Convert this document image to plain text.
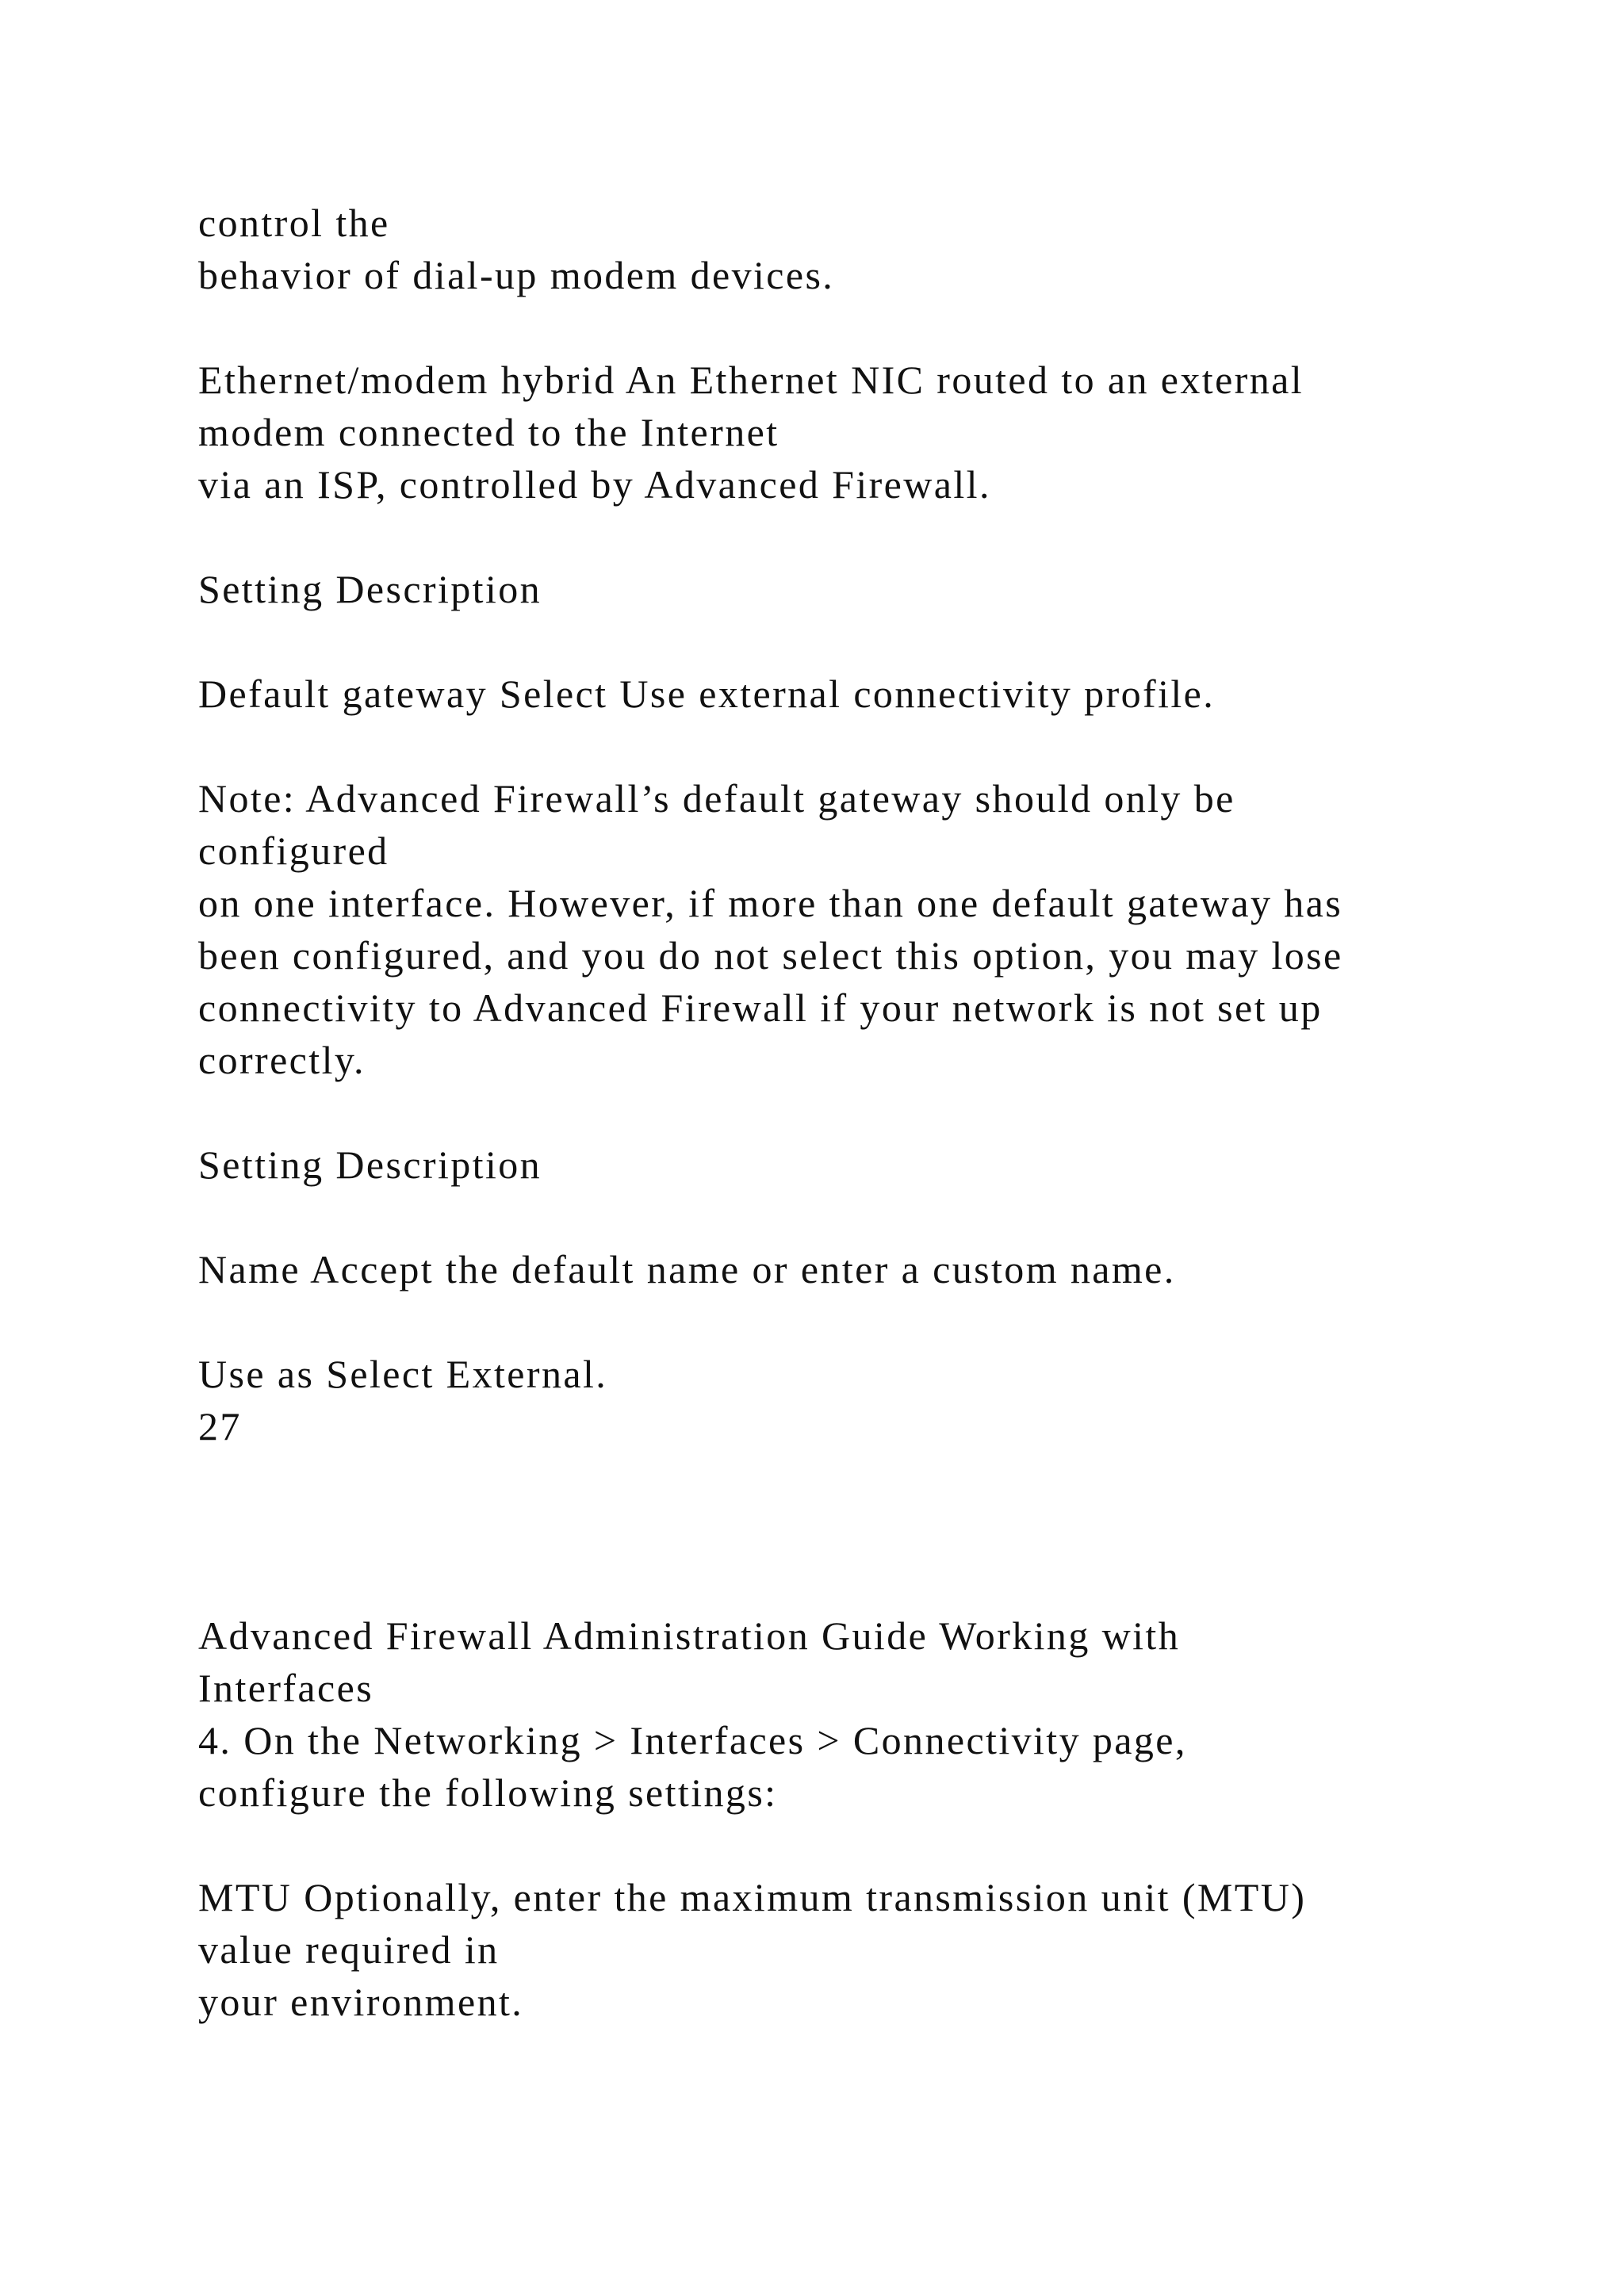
control the
behavior of dial-up modem devices.
Ethernet/modem hybrid An Ethernet NIC routed to an external
modem connected to the Internet
via an ISP, controlled by Advanced Firewall.
Setting Description
Default gateway Select Use external connectivity profile.
Note: Advanced Firewall’s default gateway should only be
configured
on one interface. However, if more than one default gateway has
been configured, and you do not select this option, you may lose
connectivity to Advanced Firewall if your network is not set up
correctly.
Setting Description
Name Accept the default name or enter a custom name.
Use as Select External.
27
Advanced Firewall Administration Guide Working with
Interfaces
4. On the Networking > Interfaces > Connectivity page,
configure the following settings:
MTU Optionally, enter the maximum transmission unit (MTU)
value required in
your environment.
